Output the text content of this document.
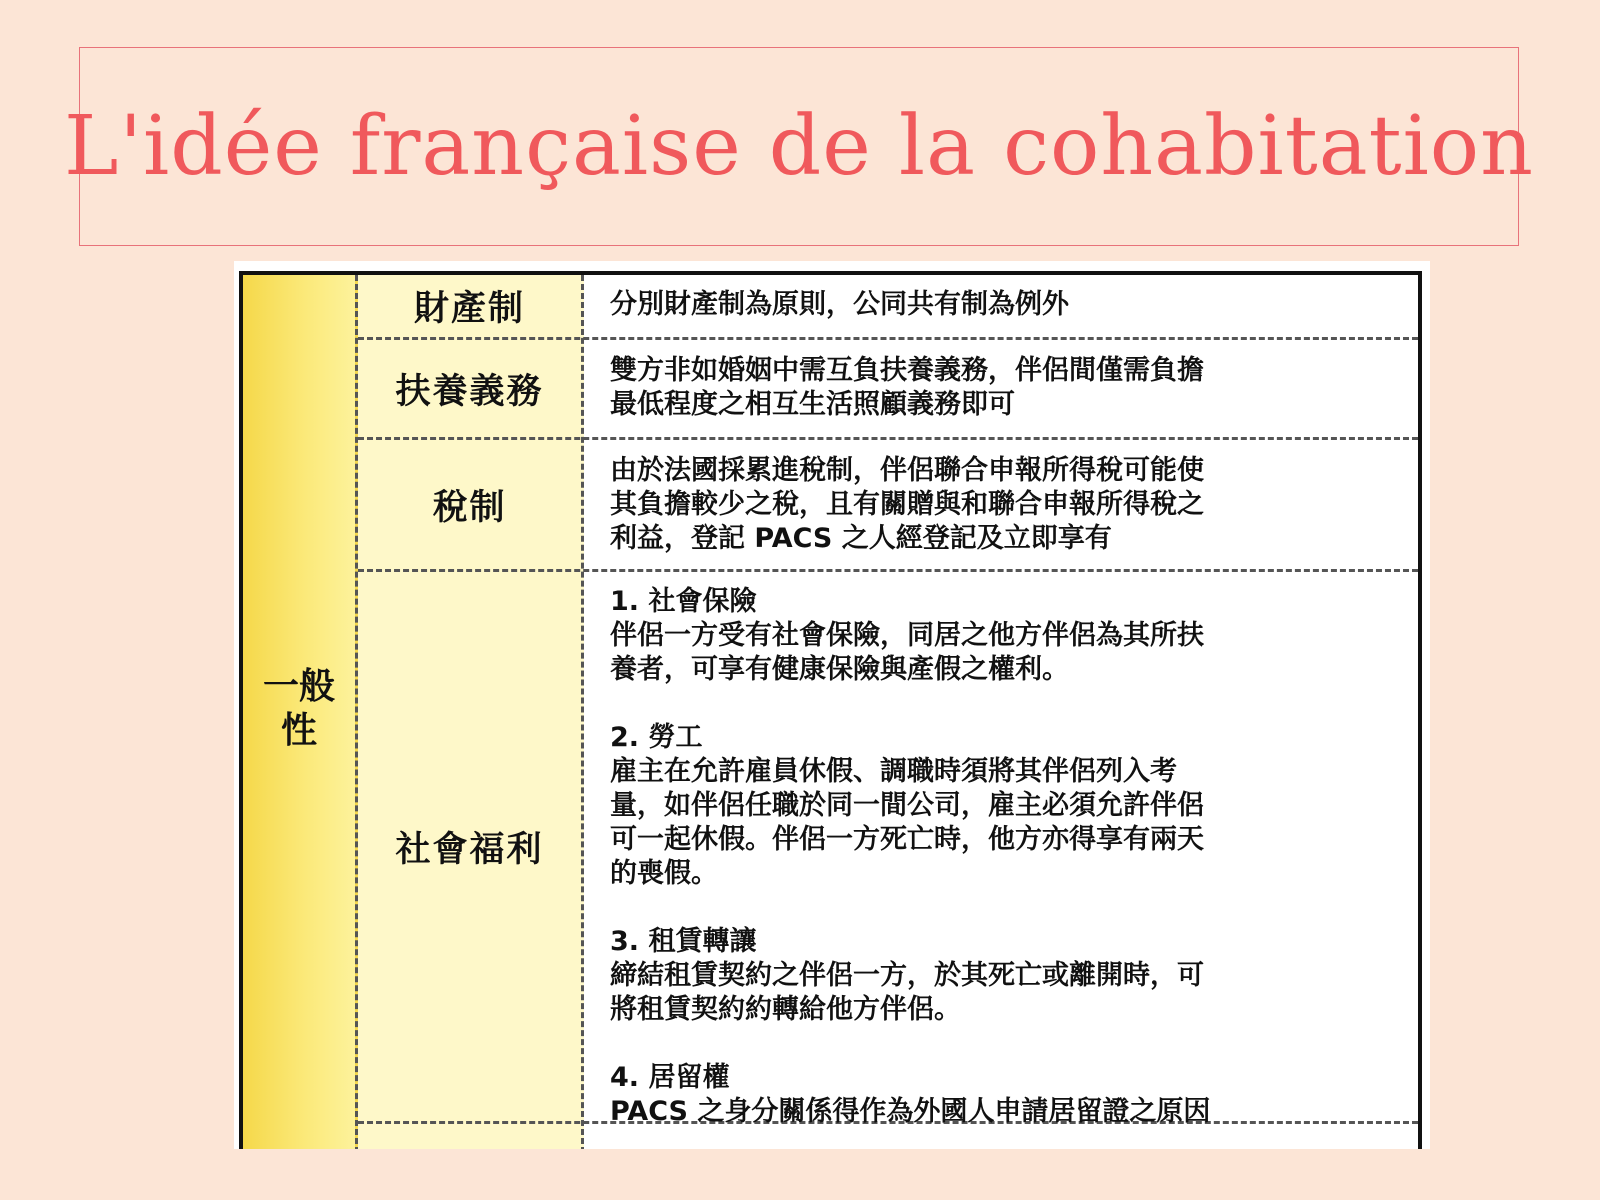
L'idée française de la cohabitation
一般
性
財產制	分別財產制為原則，公同共有制為例外
扶養義務
雙方非如婚姻中需互負扶養義務，伴侶間僅需負擔
最低程度之相互生活照顧義務即可
稅制
由於法國採累進稅制，伴侶聯合申報所得稅可能使
其負擔較少之稅，且有關贈與和聯合申報所得稅之
利益，登記 PACS 之人經登記及立即享有
社會福利
1. 社會保險
伴侶一方受有社會保險，同居之他方伴侶為其所扶
養者，可享有健康保險與產假之權利。

2. 勞工
雇主在允許雇員休假、調職時須將其伴侶列入考
量，如伴侶任職於同一間公司，雇主必須允許伴侶
可一起休假。伴侶一方死亡時，他方亦得享有兩天
的喪假。

3. 租賃轉讓
締結租賃契約之伴侶一方，於其死亡或離開時，可
將租賃契約約轉給他方伴侶。

4. 居留權
PACS 之身分關係得作為外國人申請居留證之原因
